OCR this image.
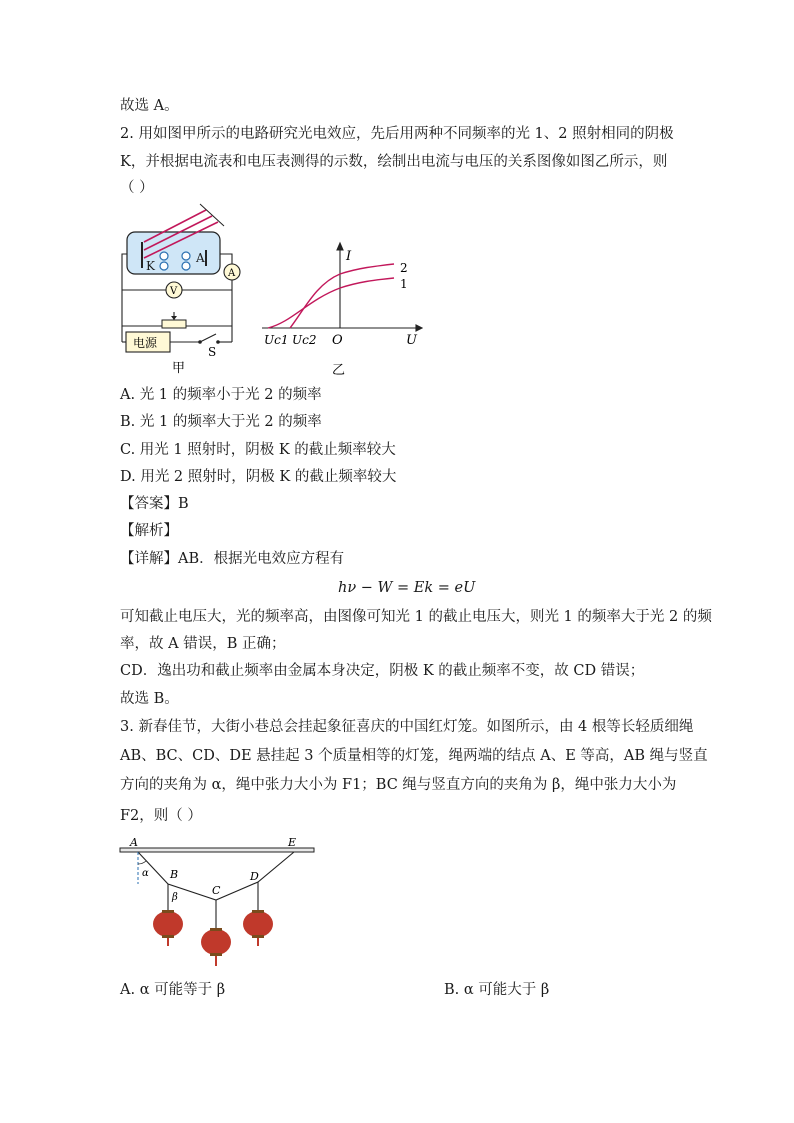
故选 A。
2. 用如图甲所示的电路研究光电效应，先后用两种不同频率的光 1、2 照射相同的阴极
K，并根据电流表和电压表测得的示数，绘制出电流与电压的关系图像如图乙所示，则
（ ）
K
A
A
V
电源
S
甲
I
2
1
O	U
Uc1 Uc2
乙
A. 光 1 的频率小于光 2 的频率
B. 光 1 的频率大于光 2 的频率
C. 用光 1 照射时，阴极 K 的截止频率较大
D. 用光 2 照射时，阴极 K 的截止频率较大
【答案】B
【解析】
【详解】AB．根据光电效应方程有
hν − W = Ek = eU
可知截止电压大，光的频率高，由图像可知光 1 的截止电压大，则光 1 的频率大于光 2 的频
率，故 A 错误，B 正确；
CD．逸出功和截止频率由金属本身决定，阴极 K 的截止频率不变，故 CD 错误；
故选 B。
3. 新春佳节，大街小巷总会挂起象征喜庆的中国红灯笼。如图所示，由 4 根等长轻质细绳
AB、BC、CD、DE 悬挂起 3 个质量相等的灯笼，绳两端的结点 A、E 等高，AB 绳与竖直
方向的夹角为 α，绳中张力大小为 F1；BC 绳与竖直方向的夹角为 β，绳中张力大小为
F2，则（ ）
A	E
B
C
D
α
β
A. α 可能等于 β	B. α 可能大于 β
